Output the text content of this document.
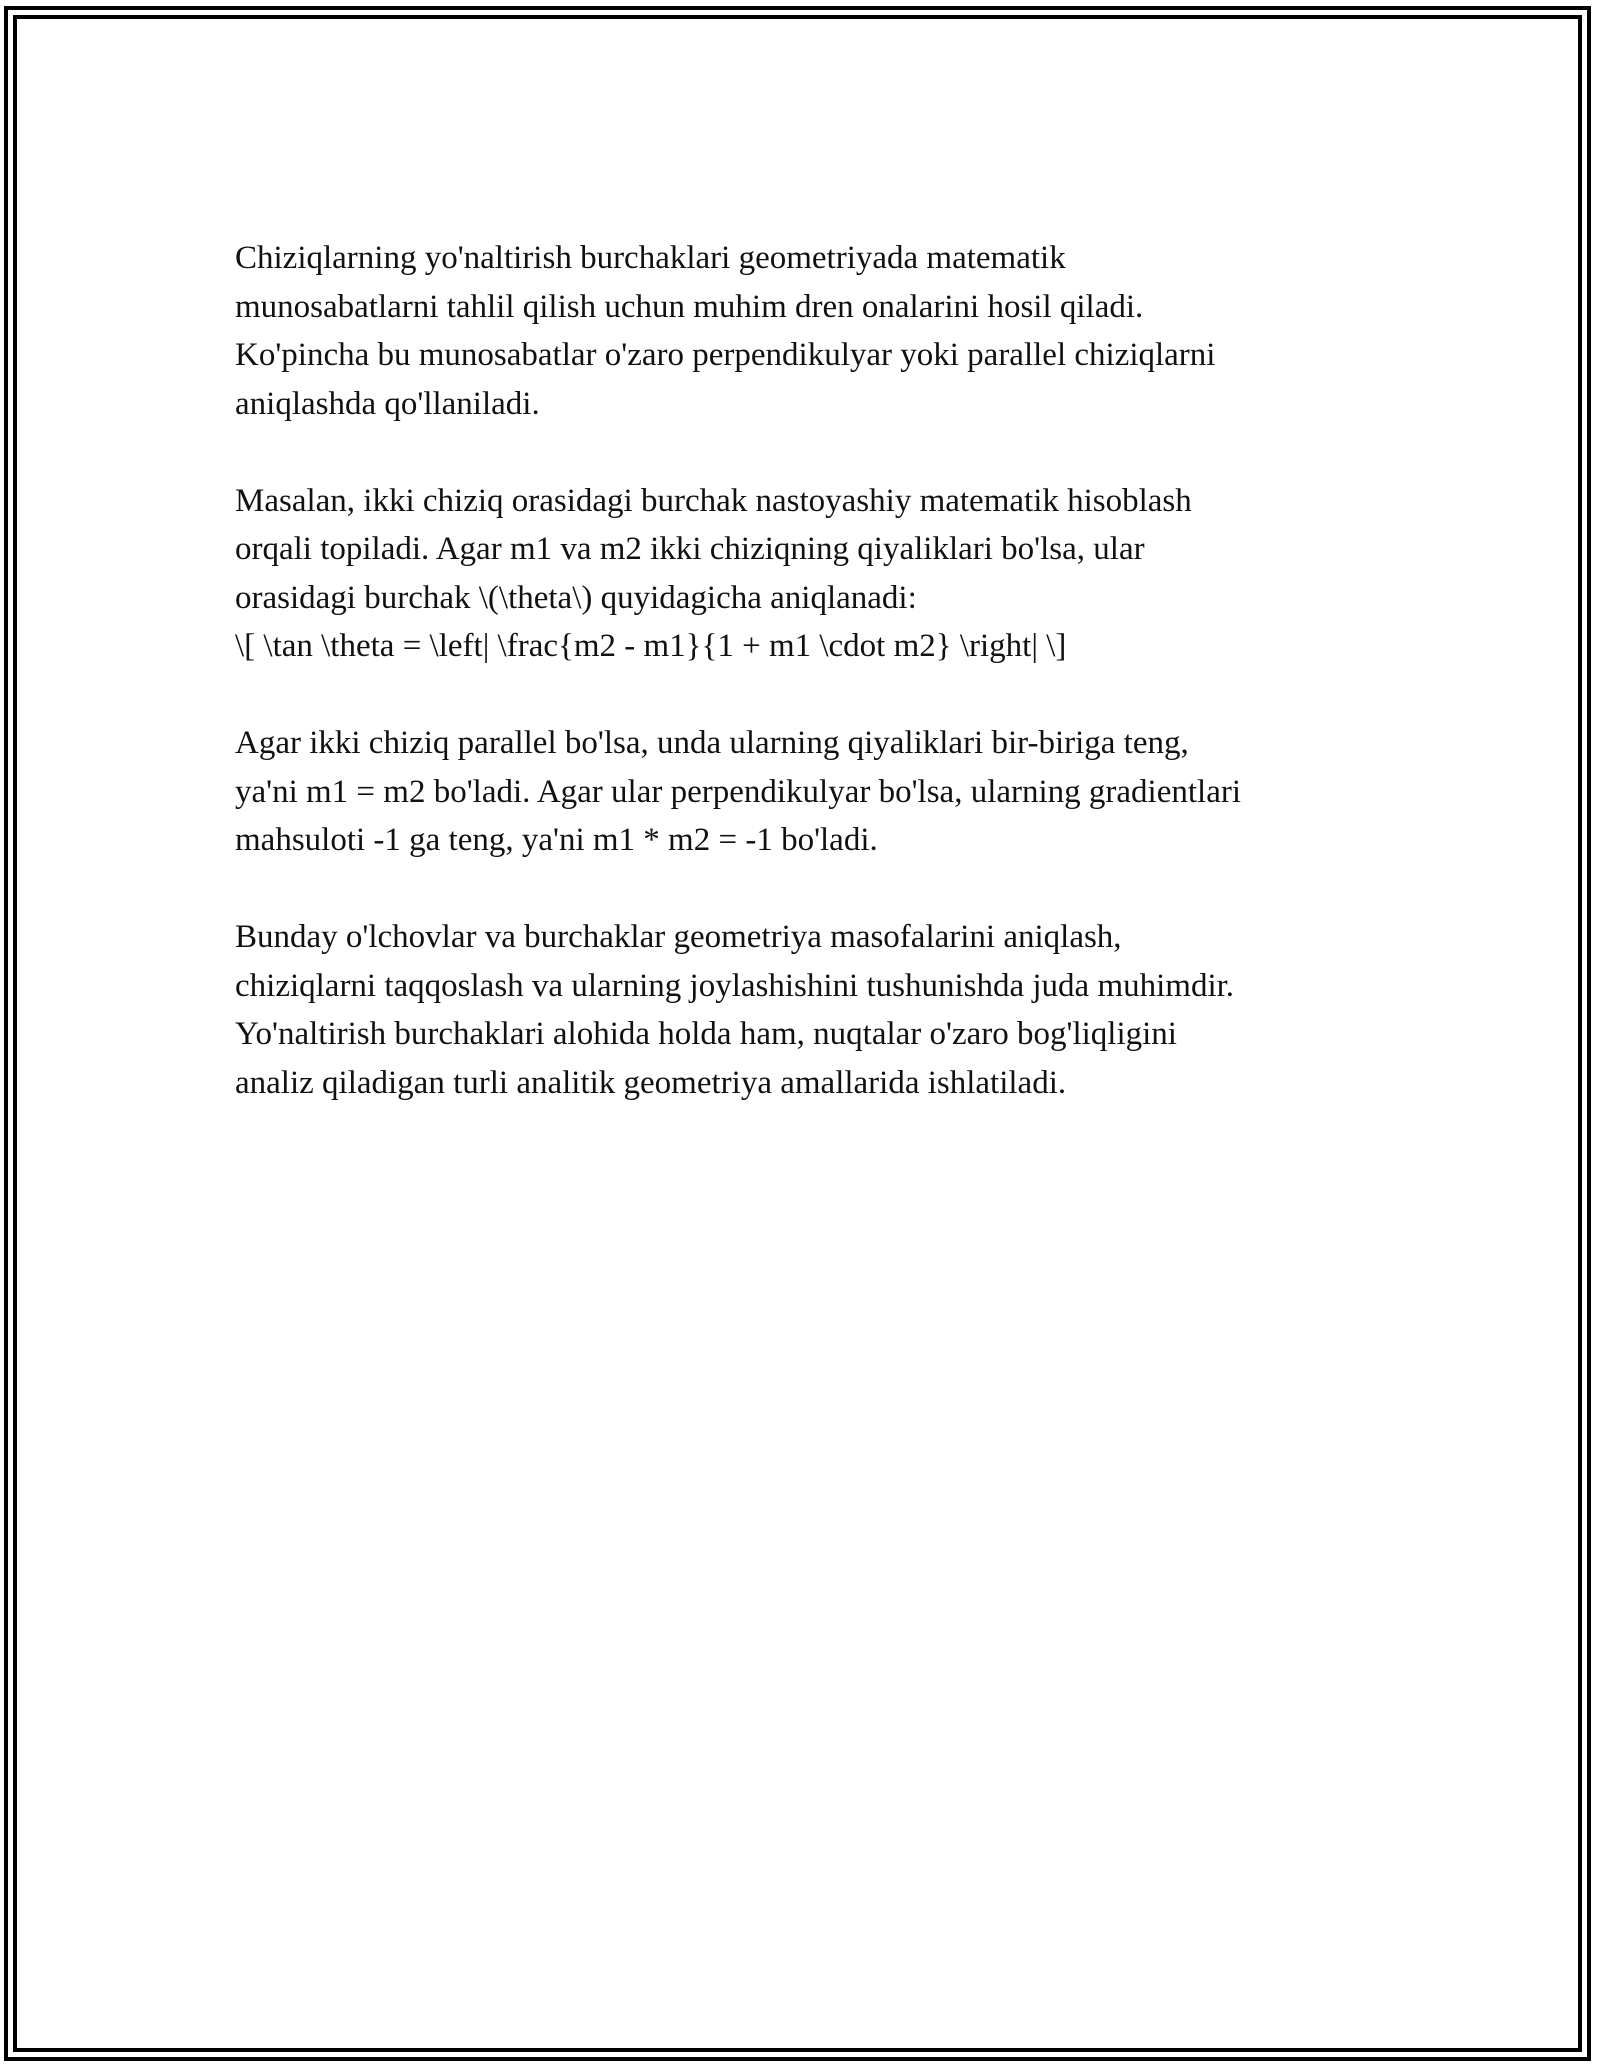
Chiziqlarning yo'naltirish burchaklari geometriyada matematik
munosabatlarni tahlil qilish uchun muhim dren onalarini hosil qiladi.
Ko'pincha bu munosabatlar o'zaro perpendikulyar yoki parallel chiziqlarni
aniqlashda qo'llaniladi.

Masalan, ikki chiziq orasidagi burchak nastoyashiy matematik hisoblash
orqali topiladi. Agar m1 va m2 ikki chiziqning qiyaliklari bo'lsa, ular
orasidagi burchak \(\theta\) quyidagicha aniqlanadi:
\[ \tan \theta = \left| \frac{m2 - m1}{1 + m1 \cdot m2} \right| \]

Agar ikki chiziq parallel bo'lsa, unda ularning qiyaliklari bir-biriga teng,
ya'ni m1 = m2 bo'ladi. Agar ular perpendikulyar bo'lsa, ularning gradientlari
mahsuloti -1 ga teng, ya'ni m1 * m2 = -1 bo'ladi.

Bunday o'lchovlar va burchaklar geometriya masofalarini aniqlash,
chiziqlarni taqqoslash va ularning joylashishini tushunishda juda muhimdir.
Yo'naltirish burchaklari alohida holda ham, nuqtalar o'zaro bog'liqligini
analiz qiladigan turli analitik geometriya amallarida ishlatiladi.
